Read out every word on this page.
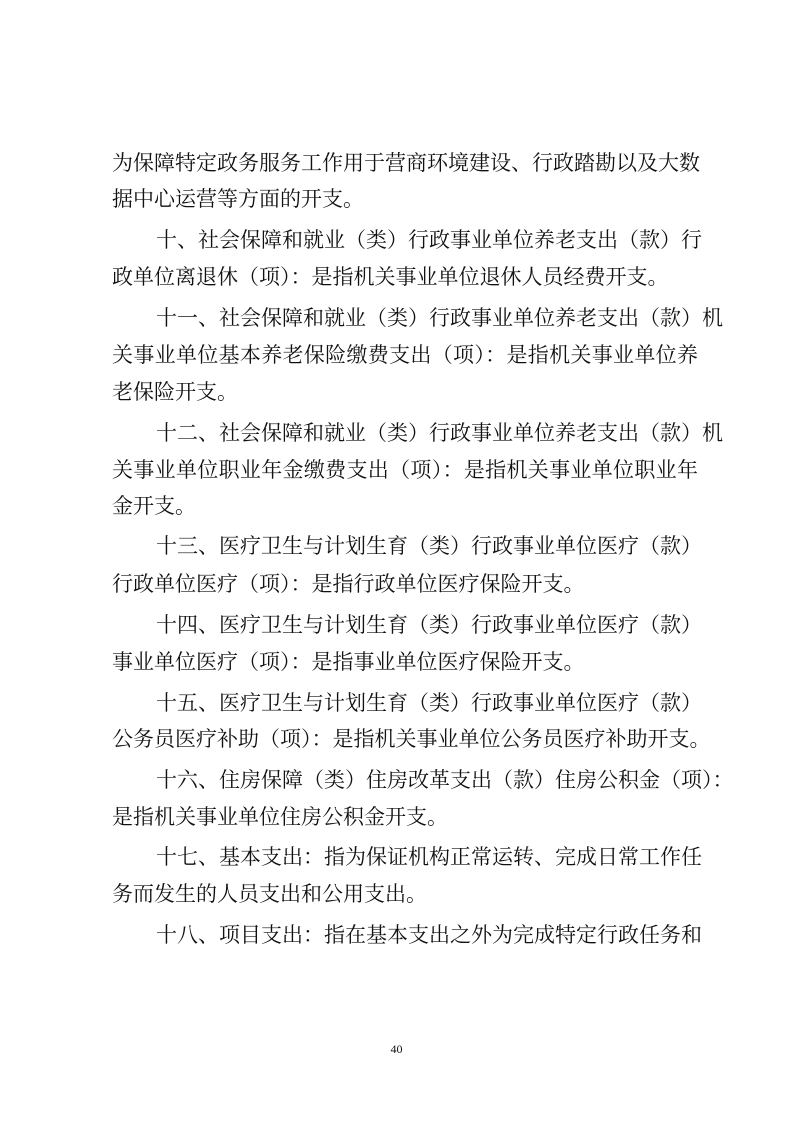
为保障特定政务服务工作用于营商环境建设、行政踏勘以及大数
据中心运营等方面的开支。
十、社会保障和就业（类）行政事业单位养老支出（款）行
政单位离退休（项）：是指机关事业单位退休人员经费开支。
十一、社会保障和就业（类）行政事业单位养老支出（款）机
关事业单位基本养老保险缴费支出（项）：是指机关事业单位养
老保险开支。
十二、社会保障和就业（类）行政事业单位养老支出（款）机
关事业单位职业年金缴费支出（项）：是指机关事业单位职业年
金开支。
十三、医疗卫生与计划生育（类）行政事业单位医疗（款）
行政单位医疗（项）：是指行政单位医疗保险开支。
十四、医疗卫生与计划生育（类）行政事业单位医疗（款）
事业单位医疗（项）：是指事业单位医疗保险开支。
十五、医疗卫生与计划生育（类）行政事业单位医疗（款）
公务员医疗补助（项）：是指机关事业单位公务员医疗补助开支。
十六、住房保障（类）住房改革支出（款）住房公积金（项）：
是指机关事业单位住房公积金开支。
十七、基本支出：指为保证机构正常运转、完成日常工作任
务而发生的人员支出和公用支出。
十八、项目支出：指在基本支出之外为完成特定行政任务和
40
